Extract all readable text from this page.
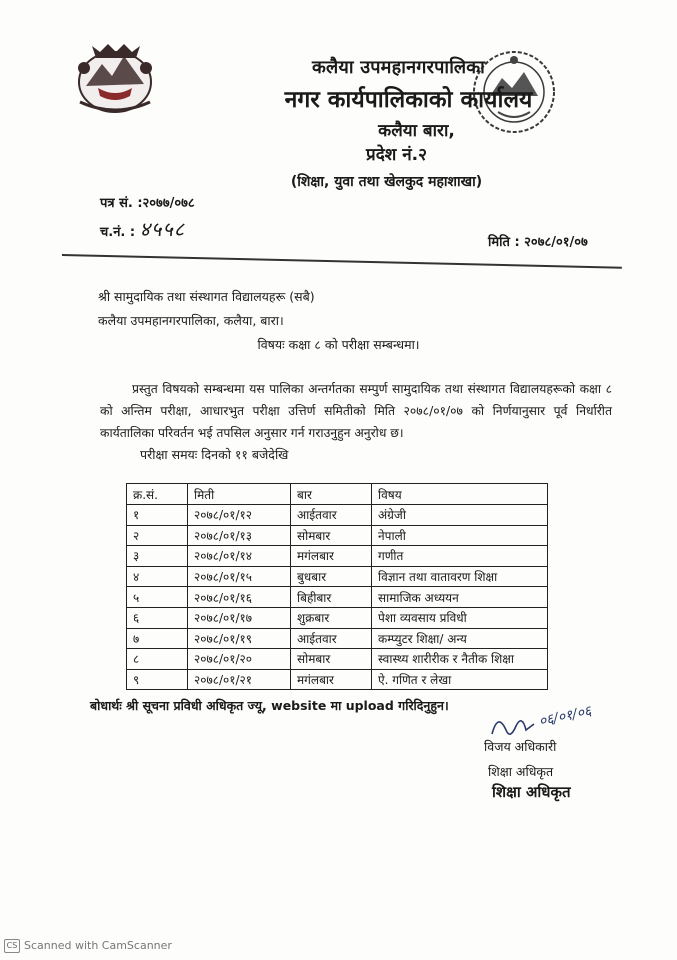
कलैया उपमहानगरपालिका
नगर कार्यपालिकाको कार्यालय
कलैया बारा,
प्रदेश नं.२
(शिक्षा, युवा तथा खेलकुद महाशाखा)
पत्र सं. :२०७७/०७८
च.नं. : ४५५८
मिति : २०७८/०१/०७
श्री सामुदायिक तथा संस्थागत विद्यालयहरू (सबै)
कलैया उपमहानगरपालिका, कलैया, बारा।
विषयः कक्षा ८ को परीक्षा सम्बन्धमा।
प्रस्तुत विषयको सम्बन्धमा यस पालिका अन्तर्गतका सम्पुर्ण सामुदायिक तथा संस्थागत विद्यालयहरूको कक्षा ८ को अन्तिम परीक्षा, आधारभुत परीक्षा उत्तिर्ण समितीको मिति २०७८/०१/०७ को निर्णयानुसार पूर्व निर्धारीत कार्यतालिका परिवर्तन भई तपसिल अनुसार गर्न गराउनुहुन अनुरोध छ।
परीक्षा समयः दिनको ११ बजेदेखि
क्र.सं.	मिती	बार	विषय
१	२०७८/०१/१२	आईतवार	अंग्रेजी
२	२०७८/०१/१३	सोमबार	नेपाली
३	२०७८/०१/१४	मगंलबार	गणीत
४	२०७८/०१/१५	बुधबार	विज्ञान तथा वातावरण शिक्षा
५	२०७८/०१/१६	बिहीबार	सामाजिक अध्ययन
६	२०७८/०१/१७	शुक्रबार	पेशा व्यवसाय प्रविधी
७	२०७८/०१/१९	आईतवार	कम्प्युटर शिक्षा/ अन्य
८	२०७८/०१/२०	सोमबार	स्वास्थ्य शारीरीक र नैतीक शिक्षा
९	२०७८/०१/२१	मगंलबार	ऐ. गणित र लेखा
बोधार्थः श्री सूचना प्रविधी अधिकृत ज्यू, website मा upload गरिदिनुहुन।	०६/०१/०६
विजय अधिकारी
शिक्षा अधिकृत
शिक्षा अधिकृत
CS Scanned with CamScanner
